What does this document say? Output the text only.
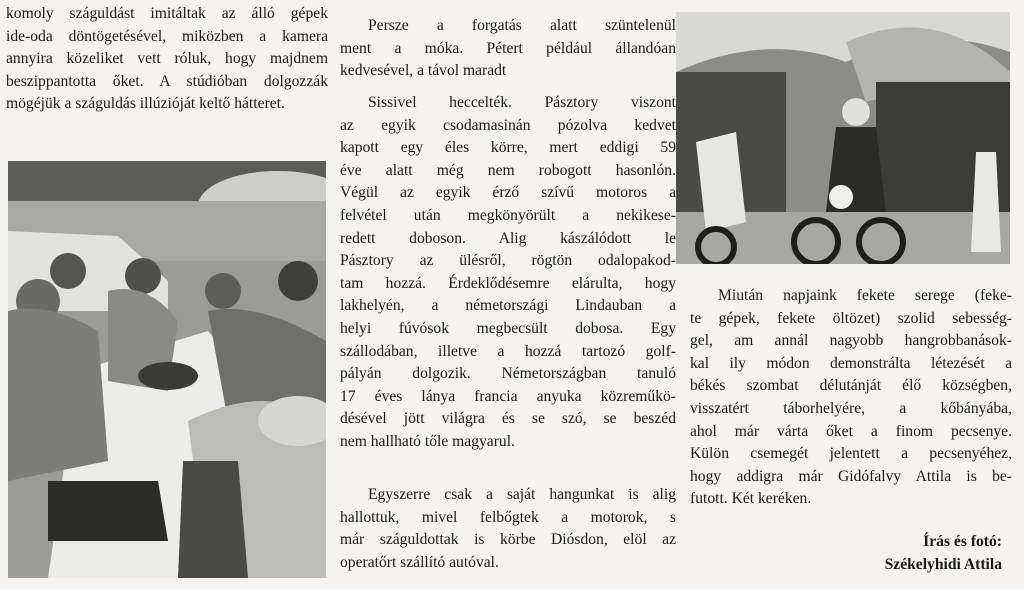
komoly száguldást imitáltak az álló gépek
ide-oda döntögetésével, miközben a kamera
annyira közeliket vett róluk, hogy majdnem
beszippantotta őket. A stúdióban dolgozzák
mögéjük a száguldás illúzióját keltő hátteret.
Persze a forgatás alatt szüntelenül
ment a móka. Pétert például állandóan
kedvesével, a távol maradt
Sissivel heccelték. Pásztory viszont
az egyik csodamasinán pózolva kedvet
kapott egy éles körre, mert eddigi 59
éve alatt még nem robogott hasonlón.
Végül az egyik érző szívű motoros a
felvétel után megkönyörült a nekikese-
redett doboson. Alig kászálódott le
Pásztory az ülésről, rögtön odalopakod-
tam hozzá. Érdeklődésemre elárulta, hogy
lakhelyén, a németországi Lindauban a
helyi fúvósok megbecsült dobosa. Egy
szállodában, illetve a hozzá tartozó golf-
pályán dolgozik. Németországban tanuló
17 éves lánya francia anyuka közreműkö-
désével jött világra és se szó, se beszéd
nem hallható tőle magyarul.
Egyszerre csak a saját hangunkat is alig
hallottuk, mivel felbőgtek a motorok, s
már száguldottak is körbe Diósdon, elöl az
operatőrt szállító autóval.
Miután napjaink fekete serege (feke-
te gépek, fekete öltözet) szolid sebesség-
gel, am annál nagyobb hangrobbanások-
kal ily módon demonstrálta létezését a
békés szombat délutánját élő községben,
visszatért táborhelyére, a kőbányába,
ahol már várta őket a finom pecsenye.
Külön csemegét jelentett a pecsenyéhez,
hogy addigra már Gidófalvy Attila is be-
futott. Két keréken.
Írás és fotó:
Székelyhidi Attila
